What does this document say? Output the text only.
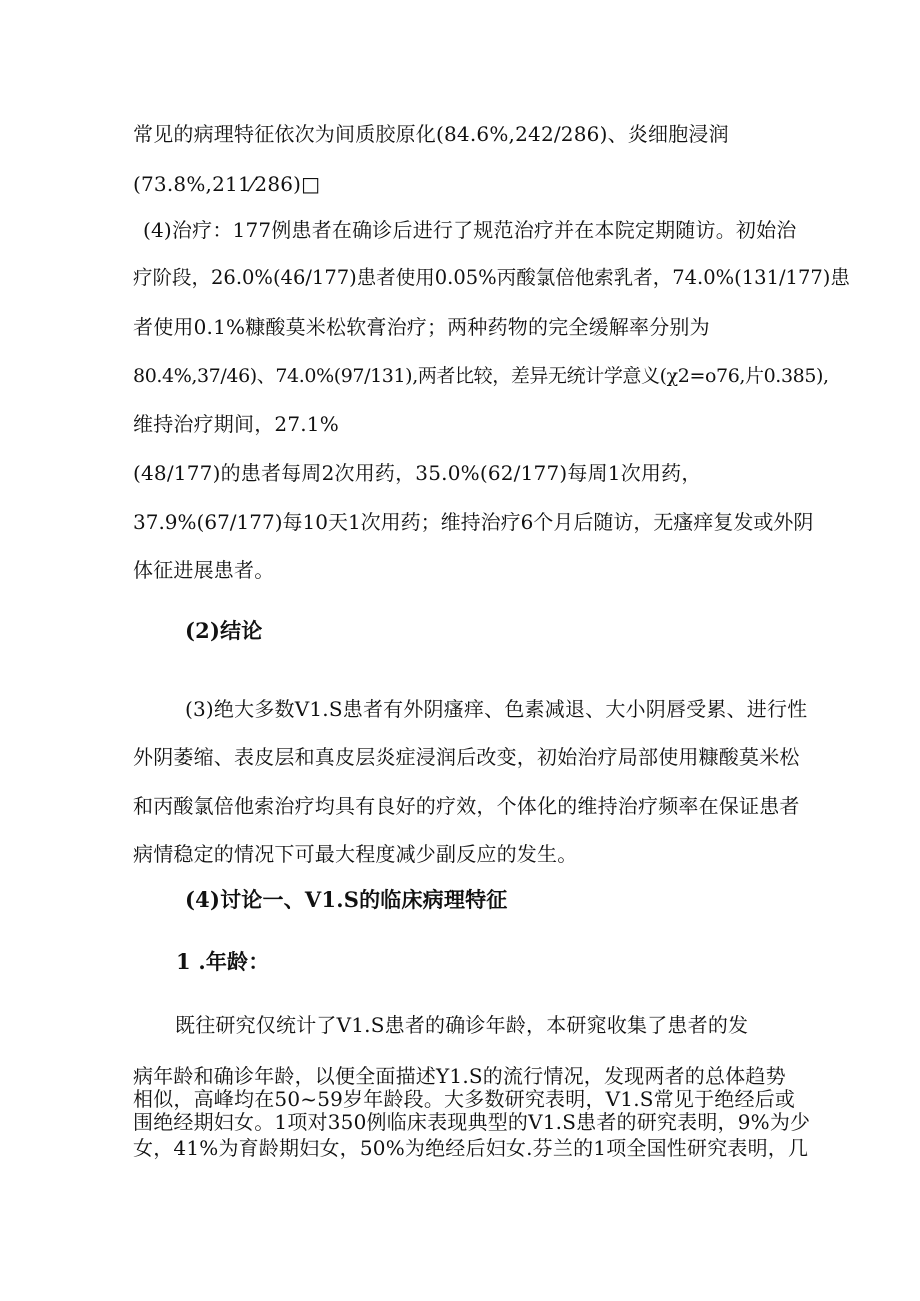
常见的病理特征依次为间质胶原化(84.6%,242/286)、炎细胞浸润
(73.8%,211⁄286)□
(4)治疗：177例患者在确诊后进行了规范治疗并在本院定期随访。初始治
疗阶段，26.0%(46/177)患者使用0.05%丙酸氯倍他索乳者，74.0%(131/177)患
者使用0.1%糠酸莫米松软膏治疗；两种药物的完全缓解率分别为
80.4%,37/46)、74.0%(97/131),两者比较，差异无统计学意义(χ2=o76,片0.385),
维持治疗期间，27.1%
(48/177)的患者每周2次用药，35.0%(62/177)每周1次用药，
37.9%(67/177)每10天1次用药；维持治疗6个月后随访，无瘙痒复发或外阴
体征进展患者。
(2)结论
(3)绝大多数V1.S患者有外阴瘙痒、色素减退、大小阴唇受累、进行性
外阴萎缩、表皮层和真皮层炎症浸润后改变，初始治疗局部使用糠酸莫米松
和丙酸氯倍他索治疗均具有良好的疗效，个体化的维持治疗频率在保证患者
病情稳定的情况下可最大程度减少副反应的发生。
(4)讨论一、V1.S的临床病理特征
1 .年龄：
既往研究仅统计了V1.S患者的确诊年龄，本研窕收集了患者的发
病年龄和确诊年龄，以便全面描述Y1.S的流行情况，发现两者的总体趋势
相似，高峰均在50~59岁年龄段。大多数研究表明，V1.S常见于绝经后或
围绝经期妇女。1项对350例临床表现典型的V1.S患者的研究表明，9%为少
女，41%为育龄期妇女，50%为绝经后妇女.芬兰的1项全国性研究表明，几
